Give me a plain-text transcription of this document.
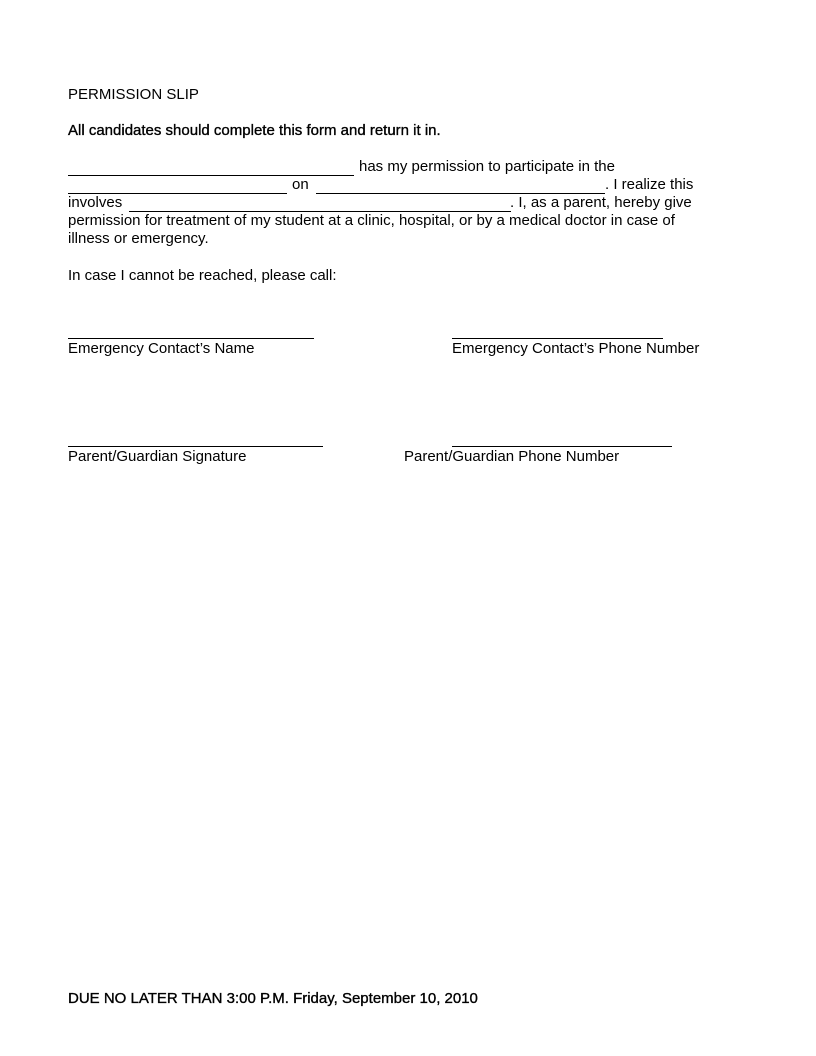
PERMISSION SLIP
All candidates should complete this form and return it in.
has my permission to participate in the
on	. I realize this
involves	. I, as a parent, hereby give
permission for treatment of my student at a clinic, hospital, or by a medical doctor in case of
illness or emergency.
In case I cannot be reached, please call:
Emergency Contact’s Name	Emergency Contact’s Phone Number
Parent/Guardian Signature	Parent/Guardian Phone Number
DUE NO LATER THAN 3:00 P.M. Friday, September 10, 2010
